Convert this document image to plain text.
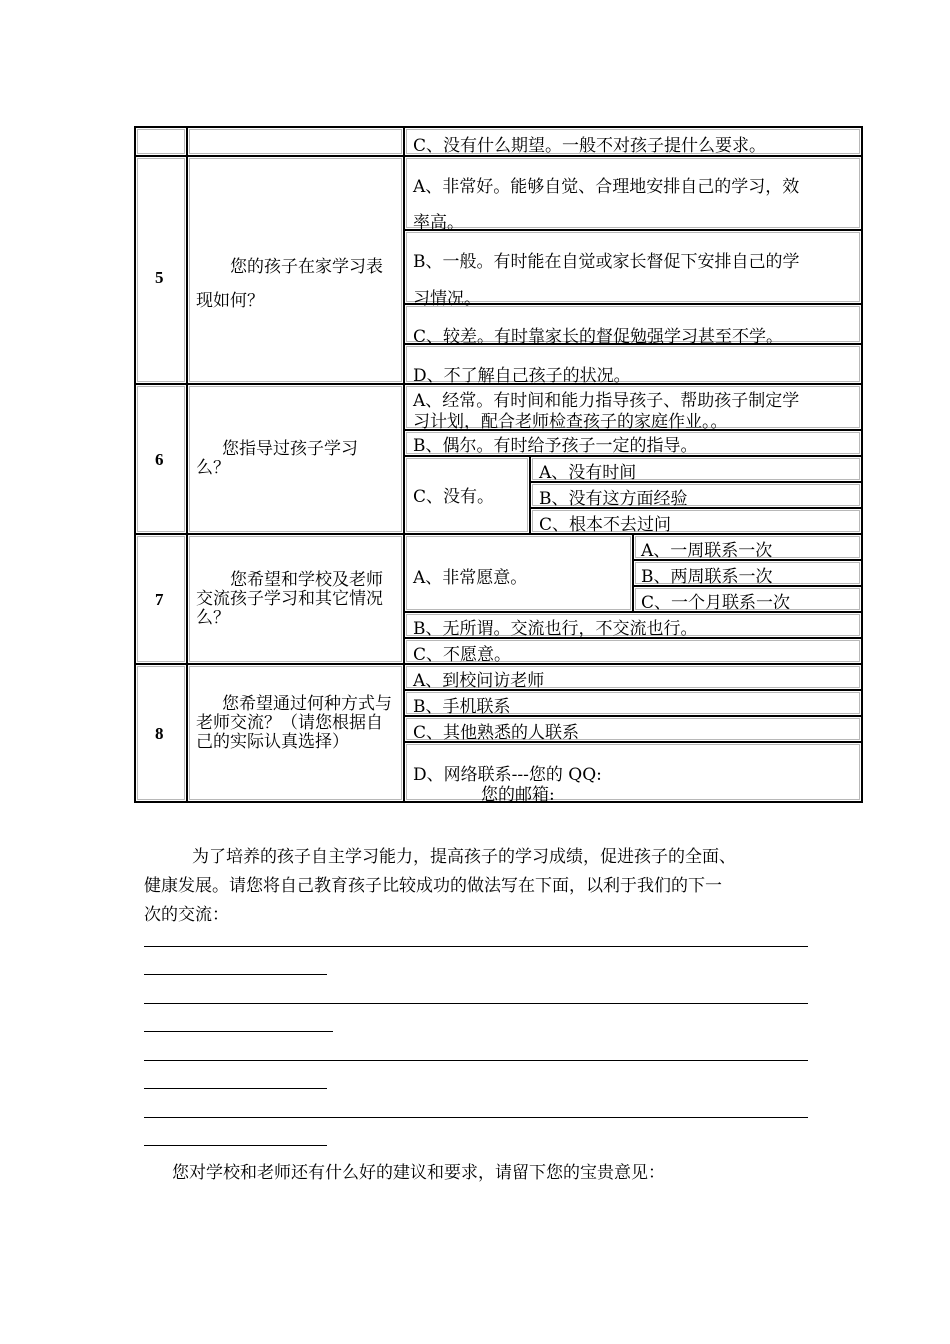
C、没有什么期望。一般不对孩子提什么要求。
5
您的孩子在家学习表现如何？
A、非常好。能够自觉、合理地安排自己的学习，效
率高。
B、一般。有时能在自觉或家长督促下安排自己的学
习情况。
C、较差。有时靠家长的督促勉强学习甚至不学。
D、不了解自己孩子的状况。
6
您指导过孩子学习么？
A、经常。有时间和能力指导孩子、帮助孩子制定学
习计划，配合老师检查孩子的家庭作业。。
B、偶尔。有时给予孩子一定的指导。
C、没有。
A、没有时间
B、没有这方面经验
C、根本不去过问
7
您希望和学校及老师交流孩子学习和其它情况么？
A、非常愿意。
A、一周联系一次
B、两周联系一次
C、一个月联系一次
B、无所谓。交流也行，不交流也行。
C、不愿意。
8
您希望通过何种方式与老师交流？（请您根据自己的实际认真选择）
A、到校问访老师
B、手机联系
C、其他熟悉的人联系
D、网络联系---您的 QQ:
您的邮箱:
为了培养的孩子自主学习能力，提高孩子的学习成绩，促进孩子的全面、
健康发展。请您将自己教育孩子比较成功的做法写在下面，以利于我们的下一
次的交流：
您对学校和老师还有什么好的建议和要求，请留下您的宝贵意见：
